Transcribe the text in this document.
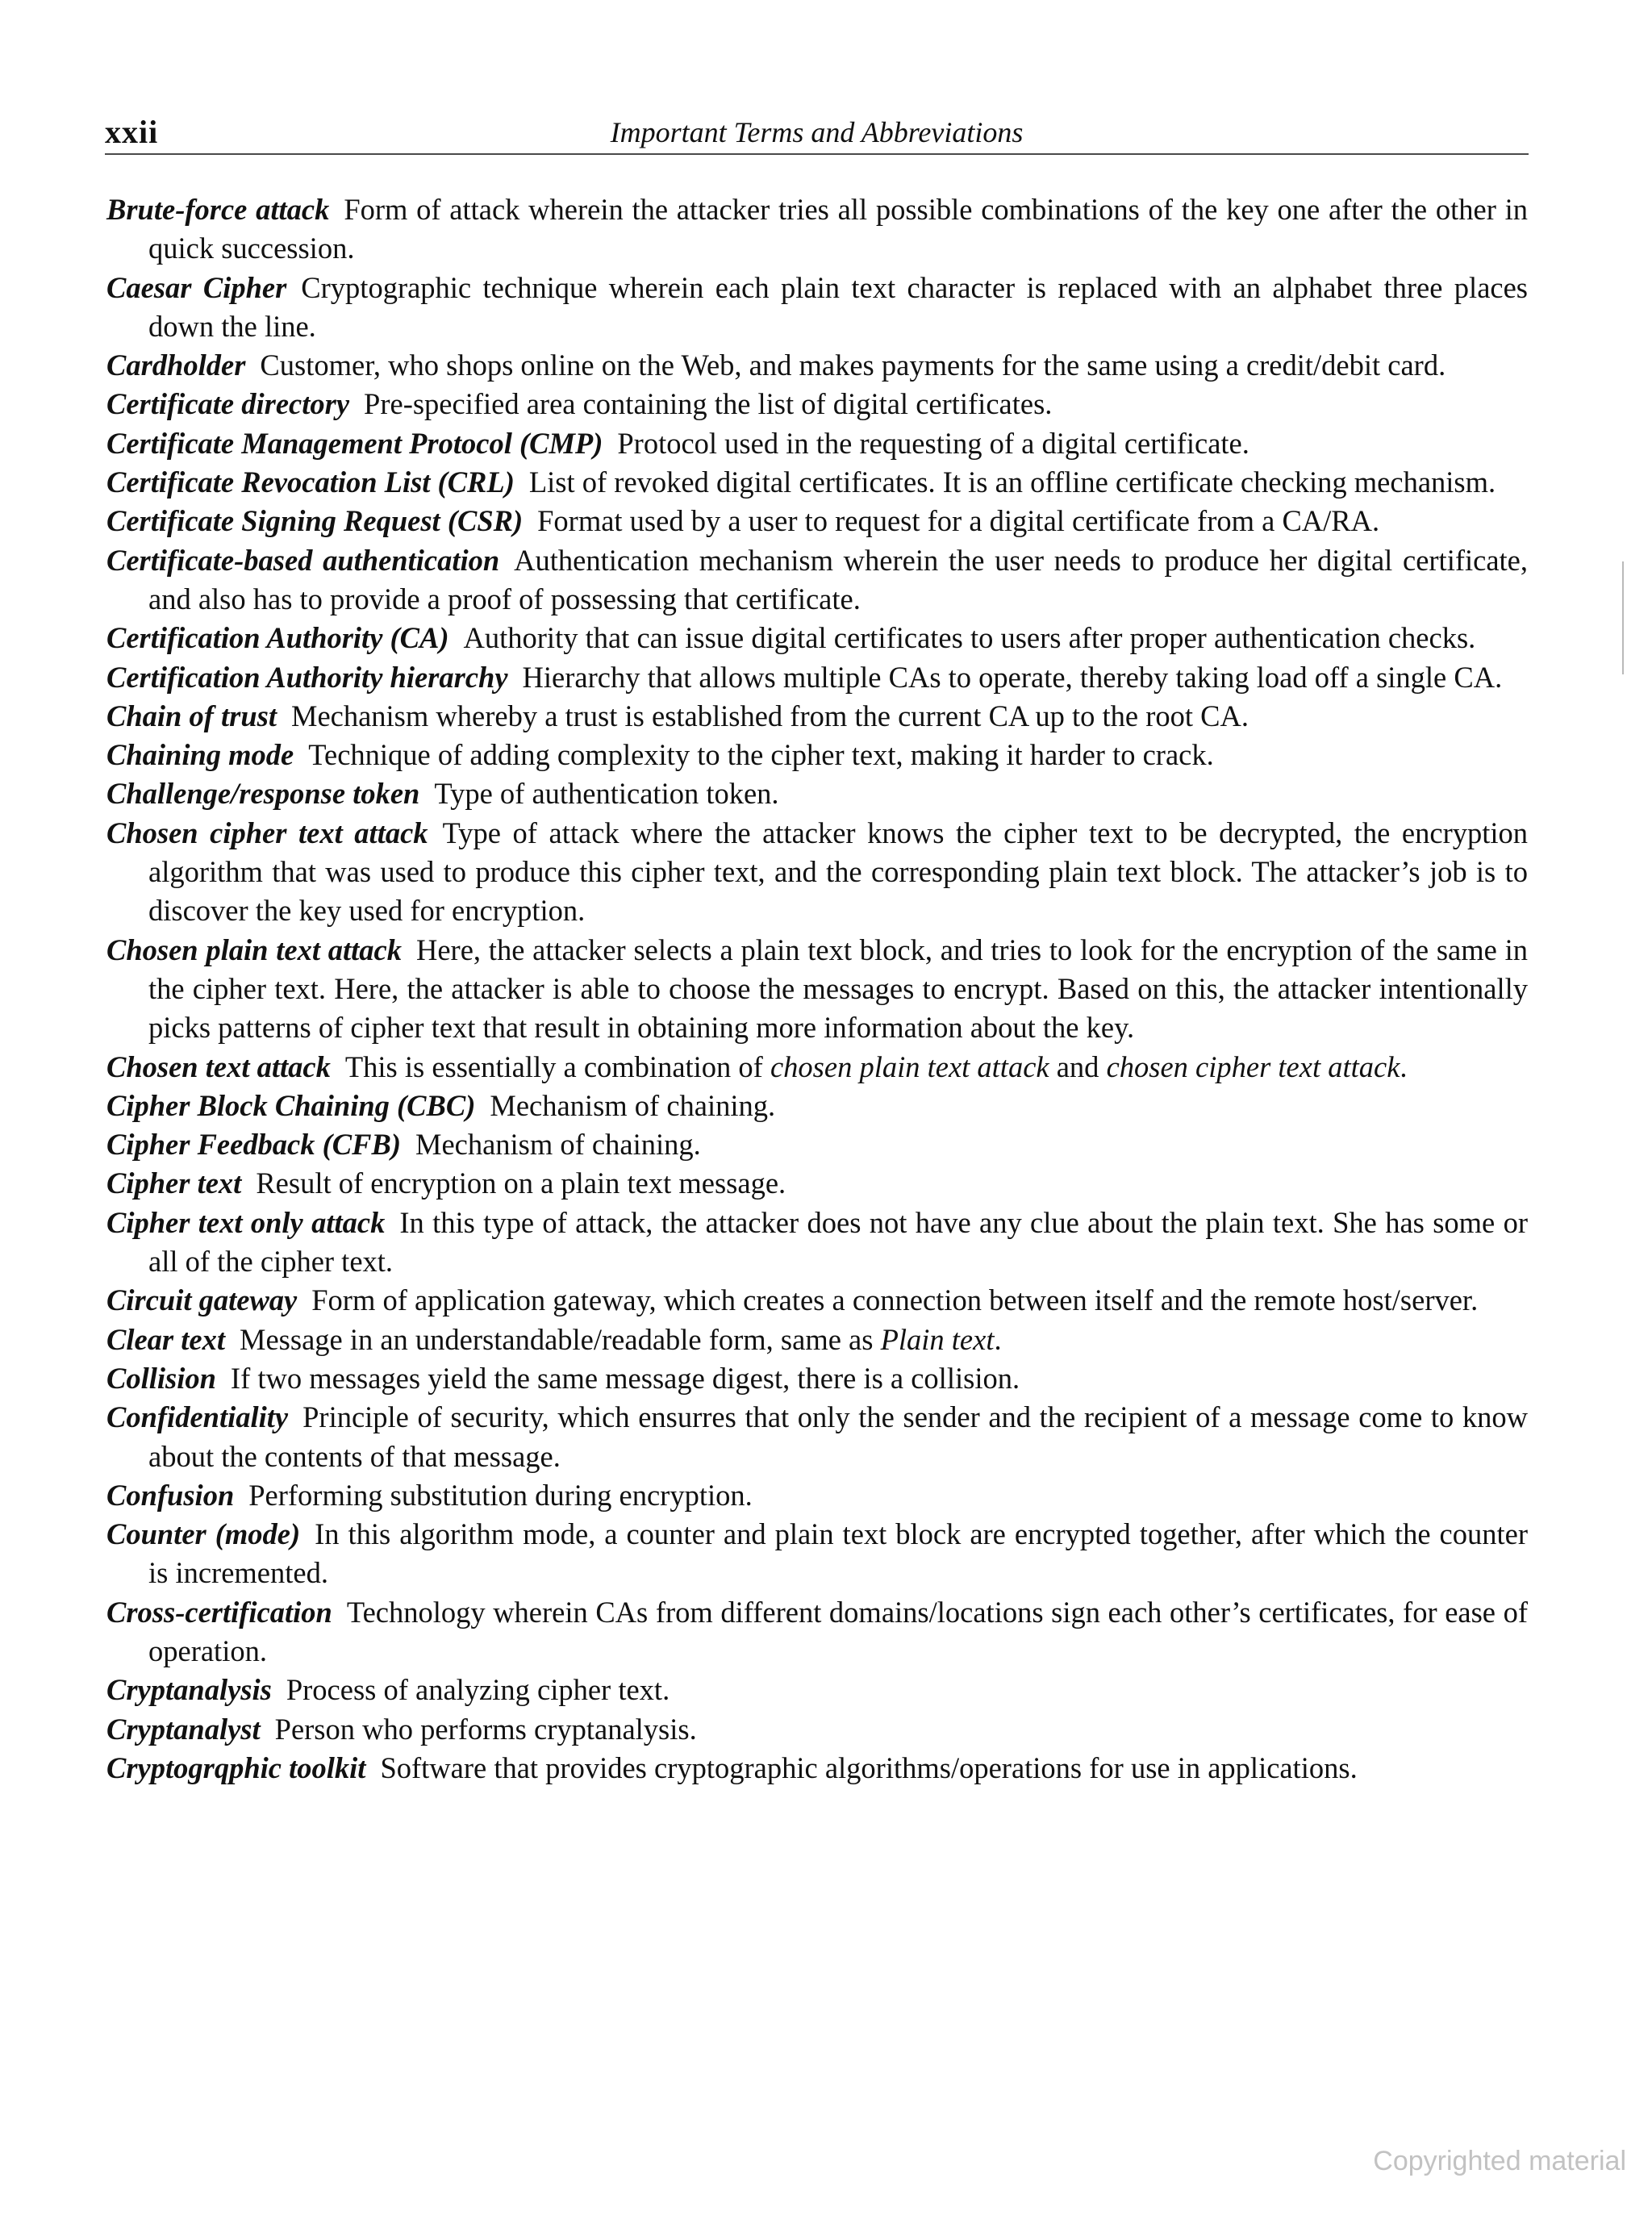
xxii	Important Terms and Abbreviations
Brute-force attack Form of attack wherein the attacker tries all possible combinations of the key one after the other in quick succession.
Caesar Cipher Cryptographic technique wherein each plain text character is replaced with an alphabet three places down the line.
Cardholder Customer, who shops online on the Web, and makes payments for the same using a credit/debit card.
Certificate directory Pre-specified area containing the list of digital certificates.
Certificate Management Protocol (CMP) Protocol used in the requesting of a digital certificate.
Certificate Revocation List (CRL) List of revoked digital certificates. It is an offline certificate checking mechanism.
Certificate Signing Request (CSR) Format used by a user to request for a digital certificate from a CA/RA.
Certificate-based authentication Authentication mechanism wherein the user needs to produce her digital certificate, and also has to provide a proof of possessing that certificate.
Certification Authority (CA) Authority that can issue digital certificates to users after proper authentication checks.
Certification Authority hierarchy Hierarchy that allows multiple CAs to operate, thereby taking load off a single CA.
Chain of trust Mechanism whereby a trust is established from the current CA up to the root CA.
Chaining mode Technique of adding complexity to the cipher text, making it harder to crack.
Challenge/response token Type of authentication token.
Chosen cipher text attack Type of attack where the attacker knows the cipher text to be decrypted, the encryption algorithm that was used to produce this cipher text, and the corresponding plain text block. The attacker’s job is to discover the key used for encryption.
Chosen plain text attack Here, the attacker selects a plain text block, and tries to look for the encryption of the same in the cipher text. Here, the attacker is able to choose the messages to encrypt. Based on this, the attacker intentionally picks patterns of cipher text that result in obtaining more information about the key.
Chosen text attack This is essentially a combination of chosen plain text attack and chosen cipher text attack.
Cipher Block Chaining (CBC) Mechanism of chaining.
Cipher Feedback (CFB) Mechanism of chaining.
Cipher text Result of encryption on a plain text message.
Cipher text only attack In this type of attack, the attacker does not have any clue about the plain text. She has some or all of the cipher text.
Circuit gateway Form of application gateway, which creates a connection between itself and the remote host/server.
Clear text Message in an understandable/readable form, same as Plain text.
Collision If two messages yield the same message digest, there is a collision.
Confidentiality Principle of security, which ensurres that only the sender and the recipient of a message come to know about the contents of that message.
Confusion Performing substitution during encryption.
Counter (mode) In this algorithm mode, a counter and plain text block are encrypted together, after which the counter is incremented.
Cross-certification Technology wherein CAs from different domains/locations sign each other’s certificates, for ease of operation.
Cryptanalysis Process of analyzing cipher text.
Cryptanalyst Person who performs cryptanalysis.
Cryptogrqphic toolkit Software that provides cryptographic algorithms/operations for use in applications.
Copyrighted material
